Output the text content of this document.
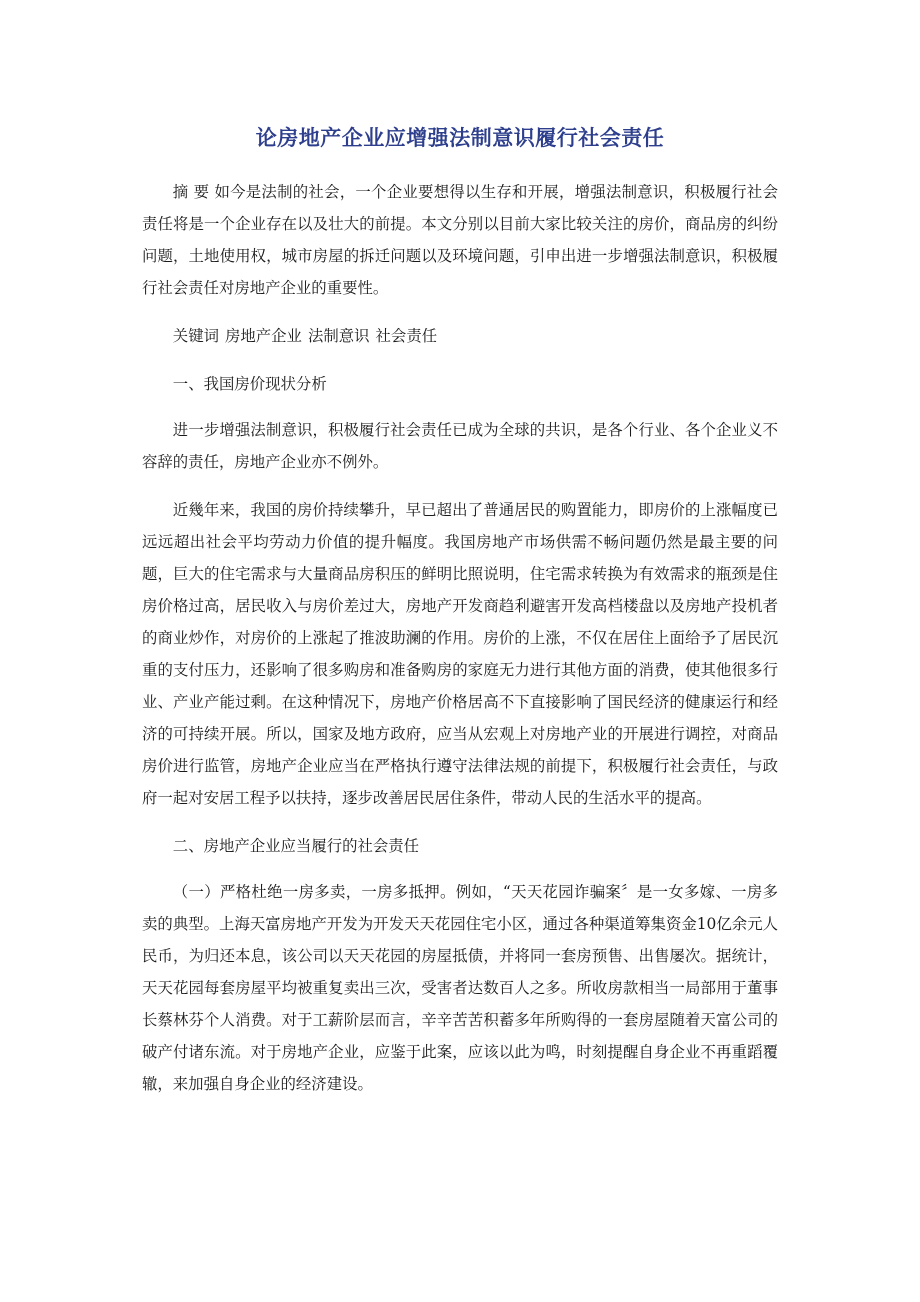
论房地产企业应增强法制意识履行社会责任

摘 要 如今是法制的社会，一个企业要想得以生存和开展，增强法制意识，积极履行社会责任将是一个企业存在以及壮大的前提。本文分别以目前大家比较关注的房价，商品房的纠纷问题，土地使用权，城市房屋的拆迁问题以及环境问题，引申出进一步增强法制意识，积极履行社会责任对房地产企业的重要性。

关键词 房地产企业 法制意识 社会责任

一、我国房价现状分析

进一步增强法制意识，积极履行社会责任已成为全球的共识，是各个行业、各个企业义不容辞的责任，房地产企业亦不例外。

近幾年来，我国的房价持续攀升，早已超出了普通居民的购置能力，即房价的上涨幅度已远远超出社会平均劳动力价值的提升幅度。我国房地产市场供需不畅问题仍然是最主要的问题，巨大的住宅需求与大量商品房积压的鲜明比照说明，住宅需求转换为有效需求的瓶颈是住房价格过高，居民收入与房价差过大，房地产开发商趋利避害开发高档楼盘以及房地产投机者的商业炒作，对房价的上涨起了推波助澜的作用。房价的上涨，不仅在居住上面给予了居民沉重的支付压力，还影响了很多购房和准备购房的家庭无力进行其他方面的消费，使其他很多行业、产业产能过剩。在这种情况下，房地产价格居高不下直接影响了国民经济的健康运行和经济的可持续开展。所以，国家及地方政府，应当从宏观上对房地产业的开展进行调控，对商品房价进行监管，房地产企业应当在严格执行遵守法律法规的前提下，积极履行社会责任，与政府一起对安居工程予以扶持，逐步改善居民居住条件，带动人民的生活水平的提高。

二、房地产企业应当履行的社会责任

（一）严格杜绝一房多卖，一房多抵押。例如，“天天花园诈骗案〞是一女多嫁、一房多卖的典型。上海天富房地产开发为开发天天花园住宅小区，通过各种渠道筹集资金10亿余元人民币，为归还本息，该公司以天天花园的房屋抵债，并将同一套房预售、出售屡次。据统计，天天花园每套房屋平均被重复卖出三次，受害者达数百人之多。所收房款相当一局部用于董事长蔡林芬个人消费。对于工薪阶层而言，辛辛苦苦积蓄多年所购得的一套房屋随着天富公司的破产付诸东流。对于房地产企业，应鉴于此案，应该以此为鸣，时刻提醒自身企业不再重蹈覆辙，来加强自身企业的经济建设。
